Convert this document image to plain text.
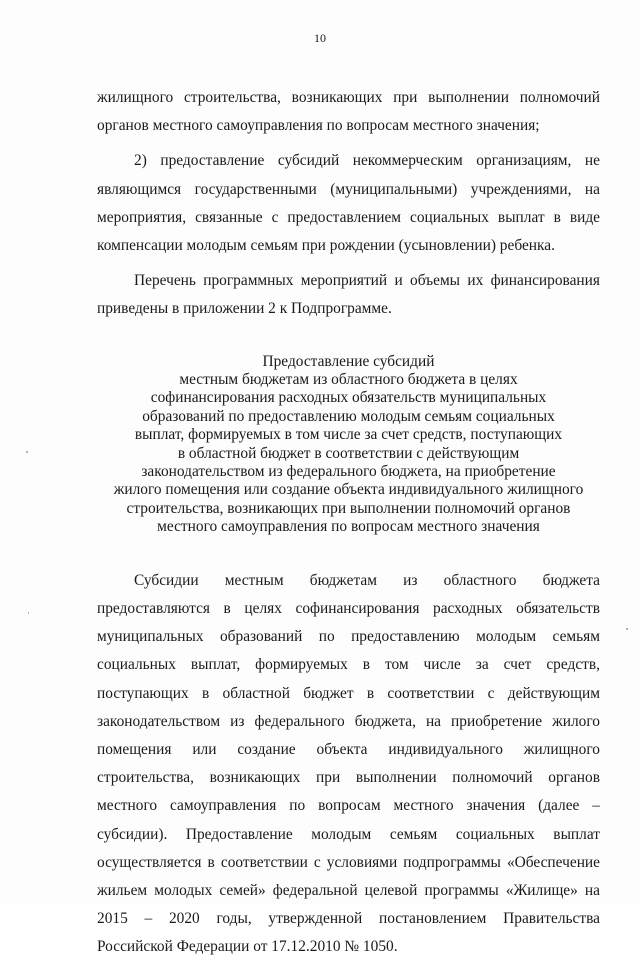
10

жилищного строительства, возникающих при выполнении полномочий органов местного самоуправления по вопросам местного значения;

2) предоставление субсидий некоммерческим организациям, не являющимся государственными (муниципальными) учреждениями, на мероприятия, связанные с предоставлением социальных выплат в виде компенсации молодым семьям при рождении (усыновлении) ребенка.

Перечень программных мероприятий и объемы их финансирования приведены в приложении 2 к Подпрограмме.

Предоставление субсидий
местным бюджетам из областного бюджета в целях
софинансирования расходных обязательств муниципальных
образований по предоставлению молодым семьям социальных
выплат, формируемых в том числе за счет средств, поступающих
в областной бюджет в соответствии с действующим
законодательством из федерального бюджета, на приобретение
жилого помещения или создание объекта индивидуального жилищного
строительства, возникающих при выполнении полномочий органов
местного самоуправления по вопросам местного значения

Субсидии местным бюджетам из областного бюджета предоставляются в целях софинансирования расходных обязательств муниципальных образований по предоставлению молодым семьям социальных выплат, формируемых в том числе за счет средств, поступающих в областной бюджет в соответствии с действующим законодательством из федерального бюджета, на приобретение жилого помещения или создание объекта индивидуального жилищного строительства, возникающих при выполнении полномочий органов местного самоуправления по вопросам местного значения (далее – субсидии). Предоставление молодым семьям социальных выплат осуществляется в соответствии с условиями подпрограммы «Обеспечение жильем молодых семей» федеральной целевой программы «Жилище» на 2015 – 2020 годы, утвержденной постановлением Правительства Российской Федерации от 17.12.2010 № 1050.
